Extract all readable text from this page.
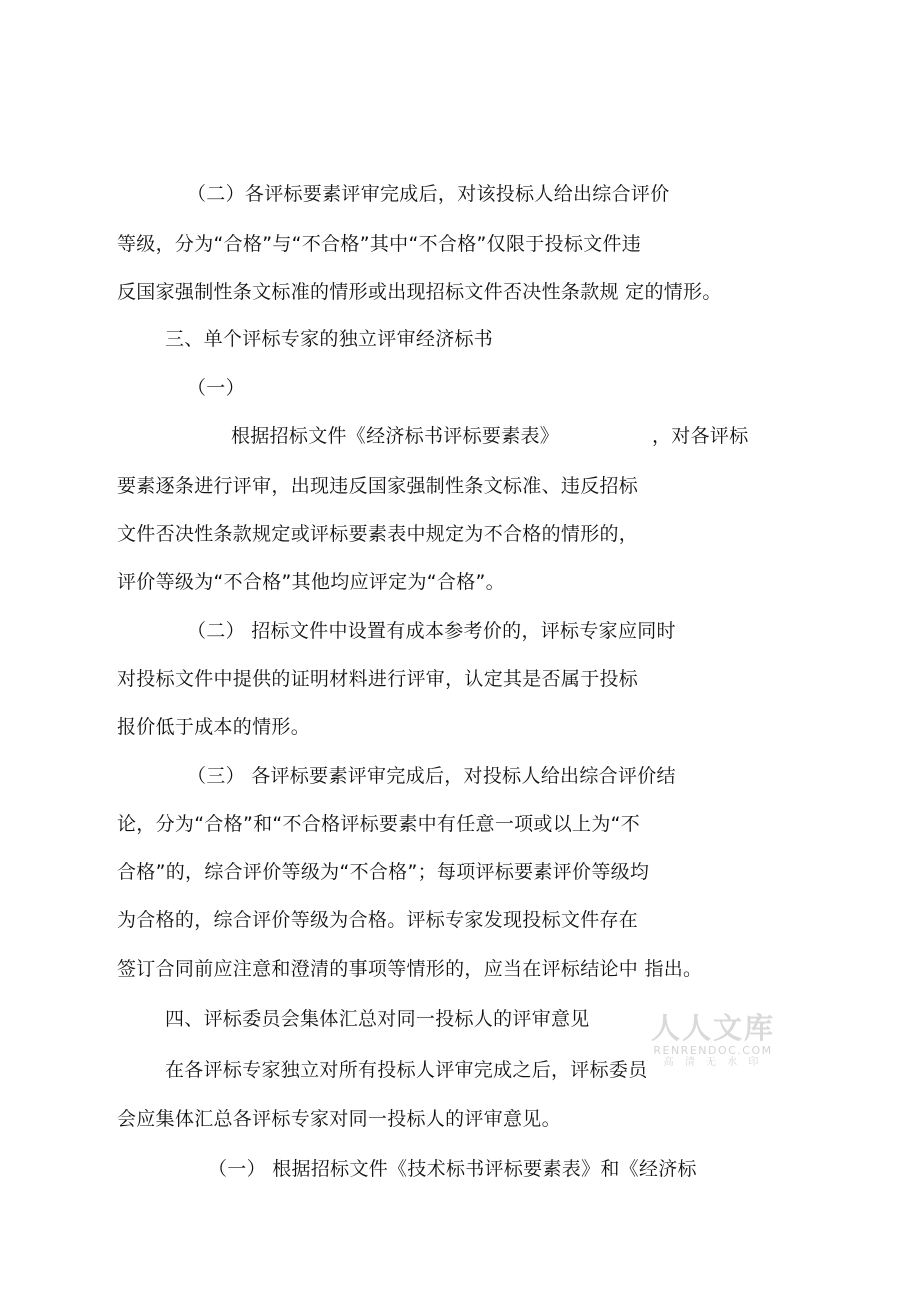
（二）各评标要素评审完成后，对该投标人给出综合评价
等级，分为“合格”与“不合格”其中“不合格”仅限于投标文件违
反国家强制性条文标准的情形或出现招标文件否决性条款规 定的情形。
三、单个评标专家的独立评审经济标书
（一）
根据招标文件《经济标书评标要素表》	，对各评标
要素逐条进行评审，出现违反国家强制性条文标准、违反招标
文件否决性条款规定或评标要素表中规定为不合格的情形的，
评价等级为“不合格”其他均应评定为“合格”。
（二） 招标文件中设置有成本参考价的，评标专家应同时
对投标文件中提供的证明材料进行评审，认定其是否属于投标
报价低于成本的情形。
（三） 各评标要素评审完成后，对投标人给出综合评价结
论，分为“合格”和“不合格评标要素中有任意一项或以上为“不
合格”的，综合评价等级为“不合格”；每项评标要素评价等级均
为合格的，综合评价等级为合格。评标专家发现投标文件存在
签订合同前应注意和澄清的事项等情形的，应当在评标结论中 指出。
四、评标委员会集体汇总对同一投标人的评审意见
在各评标专家独立对所有投标人评审完成之后，评标委员
会应集体汇总各评标专家对同一投标人的评审意见。
（一） 根据招标文件《技术标书评标要素表》和《经济标
人人文库
RENRENDOC.COM
高 清 无 水 印
